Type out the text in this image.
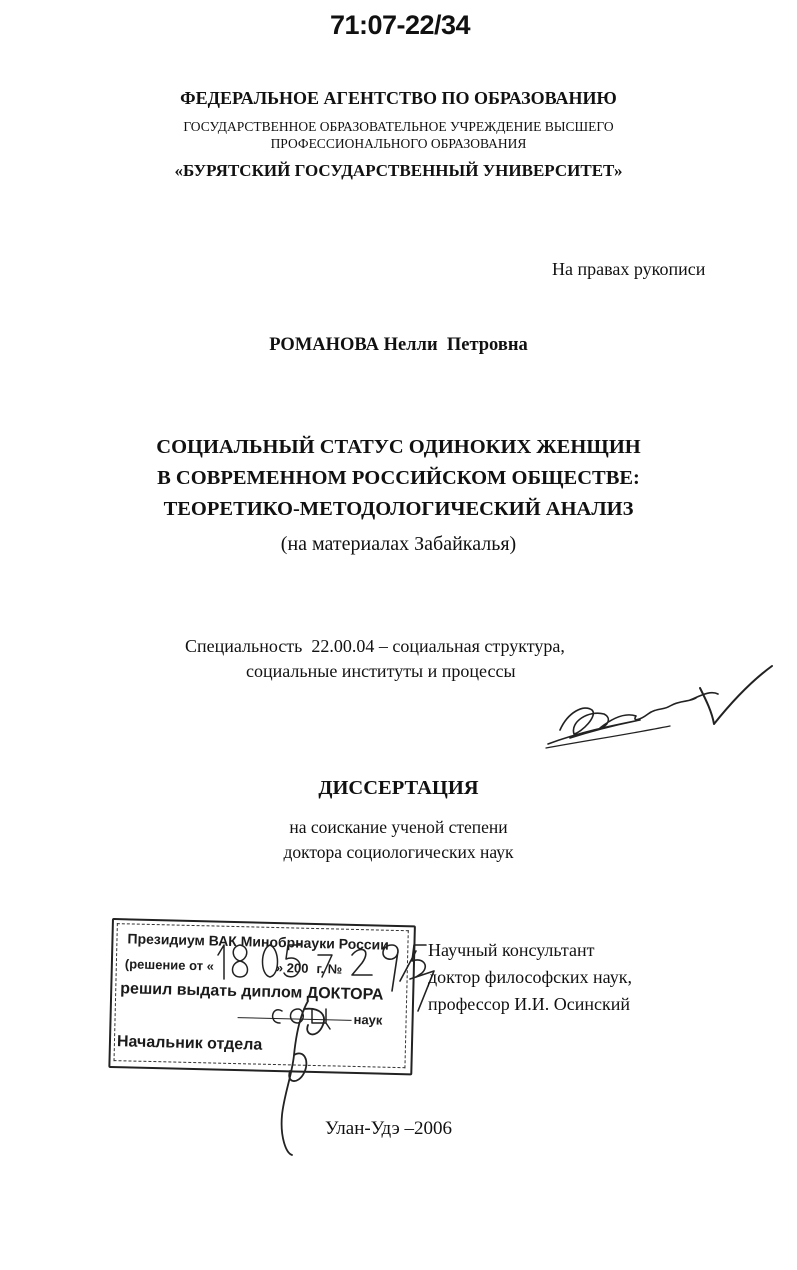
71:07-22/34
ФЕДЕРАЛЬНОЕ АГЕНТСТВО ПО ОБРАЗОВАНИЮ
ГОСУДАРСТВЕННОЕ ОБРАЗОВАТЕЛЬНОЕ УЧРЕЖДЕНИЕ ВЫСШЕГО
ПРОФЕССИОНАЛЬНОГО ОБРАЗОВАНИЯ
«БУРЯТСКИЙ ГОСУДАРСТВЕННЫЙ УНИВЕРСИТЕТ»
На правах рукописи
РОМАНОВА Нелли  Петровна
СОЦИАЛЬНЫЙ СТАТУС ОДИНОКИХ ЖЕНЩИН
В СОВРЕМЕННОМ РОССИЙСКОМ ОБЩЕСТВЕ:
ТЕОРЕТИКО-МЕТОДОЛОГИЧЕСКИЙ АНАЛИЗ
(на материалах Забайкалья)
Специальность  22.00.04 – социальная структура,
социальные институты и процессы
ДИССЕРТАЦИЯ
на соискание ученой степени
доктора социологических наук
Президиум ВАК Минобрнауки России
(решение от «	» 200 г. №
решил выдать диплом ДОКТОРА
наук
Начальник отдела
Научный консультант
доктор философских наук,
профессор И.И. Осинский
Улан-Удэ –2006
